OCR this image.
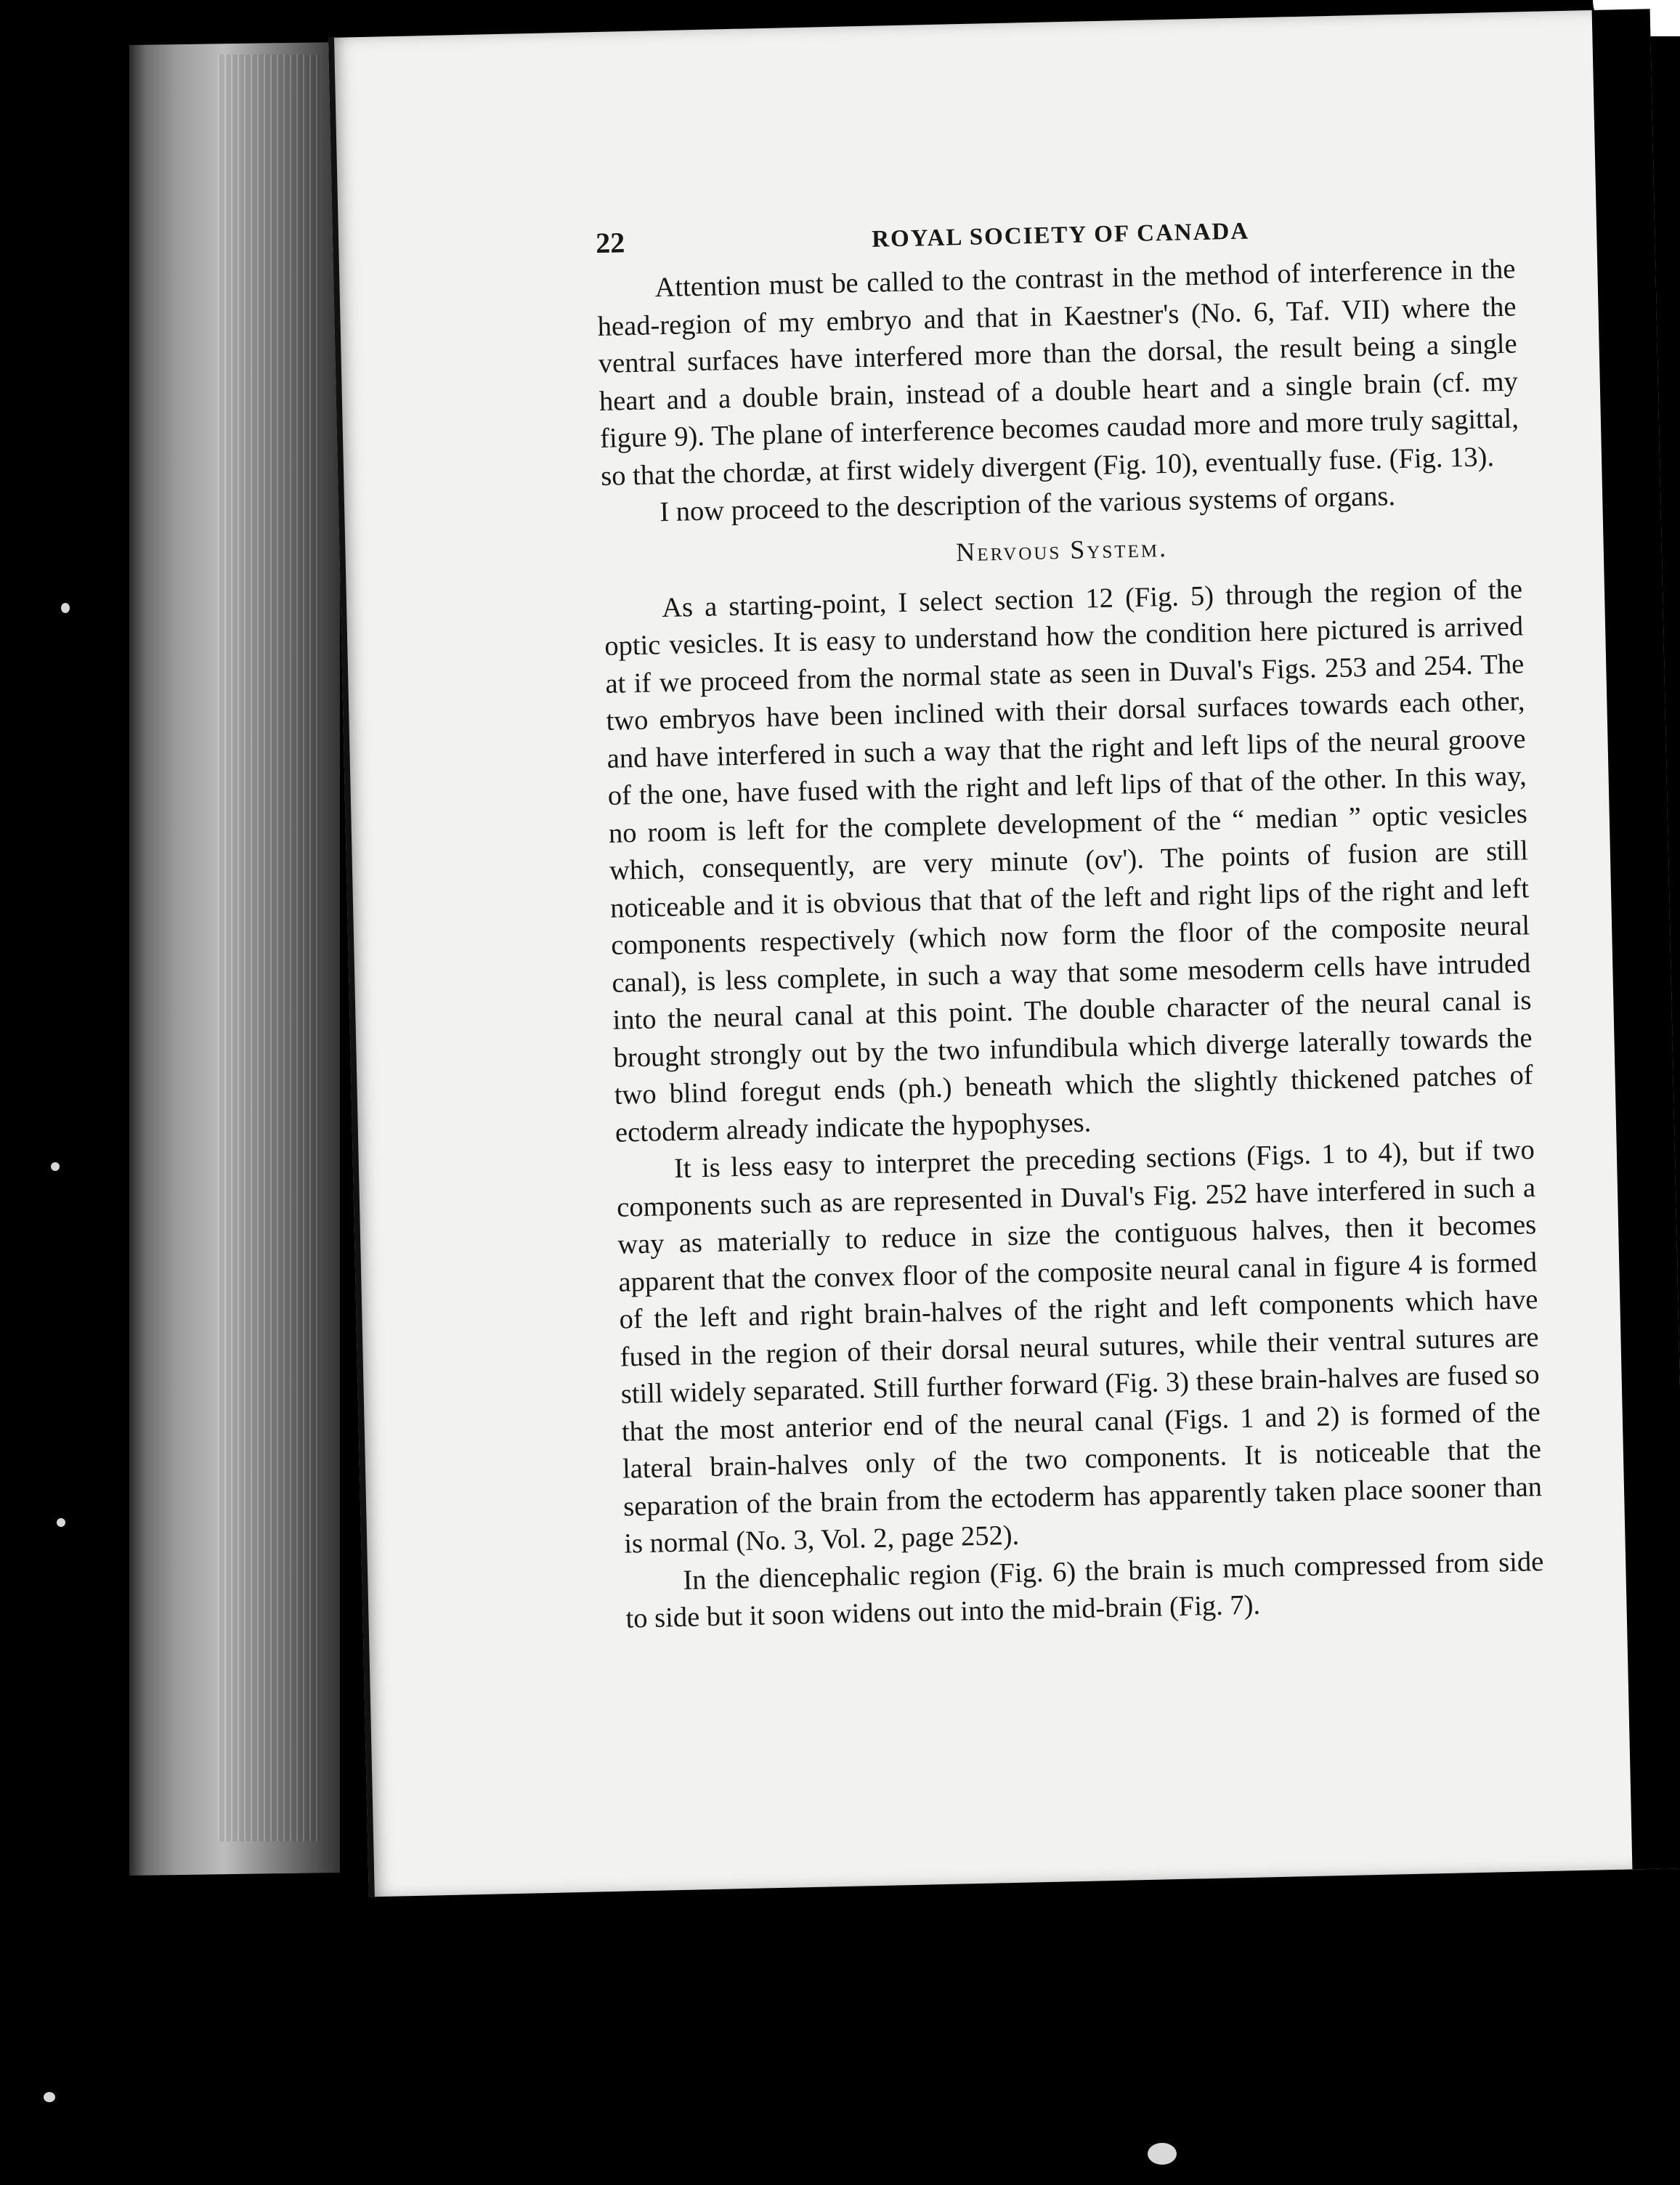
22	ROYAL SOCIETY OF CANADA

Attention must be called to the contrast in the method of interference in the head-region of my embryo and that in Kaestner's (No. 6, Taf. VII) where the ventral surfaces have interfered more than the dorsal, the result being a single heart and a double brain, instead of a double heart and a single brain (cf. my figure 9). The plane of interference becomes caudad more and more truly sagittal, so that the chordæ, at first widely divergent (Fig. 10), eventually fuse. (Fig. 13).

I now proceed to the description of the various systems of organs.

Nervous System.

As a starting-point, I select section 12 (Fig. 5) through the region of the optic vesicles. It is easy to understand how the condition here pictured is arrived at if we proceed from the normal state as seen in Duval's Figs. 253 and 254. The two embryos have been inclined with their dorsal surfaces towards each other, and have interfered in such a way that the right and left lips of the neural groove of the one, have fused with the right and left lips of that of the other. In this way, no room is left for the complete development of the “ median ” optic vesicles which, consequently, are very minute (ov'). The points of fusion are still noticeable and it is obvious that that of the left and right lips of the right and left components respectively (which now form the floor of the composite neural canal), is less complete, in such a way that some mesoderm cells have intruded into the neural canal at this point. The double character of the neural canal is brought strongly out by the two infundibula which diverge laterally towards the two blind foregut ends (ph.) beneath which the slightly thickened patches of ectoderm already indicate the hypophyses.

It is less easy to interpret the preceding sections (Figs. 1 to 4), but if two components such as are represented in Duval's Fig. 252 have interfered in such a way as materially to reduce in size the contiguous halves, then it becomes apparent that the convex floor of the composite neural canal in figure 4 is formed of the left and right brain-halves of the right and left components which have fused in the region of their dorsal neural sutures, while their ventral sutures are still widely separated. Still further forward (Fig. 3) these brain-halves are fused so that the most anterior end of the neural canal (Figs. 1 and 2) is formed of the lateral brain-halves only of the two components. It is noticeable that the separation of the brain from the ectoderm has apparently taken place sooner than is normal (No. 3, Vol. 2, page 252).

In the diencephalic region (Fig. 6) the brain is much compressed from side to side but it soon widens out into the mid-brain (Fig. 7).
